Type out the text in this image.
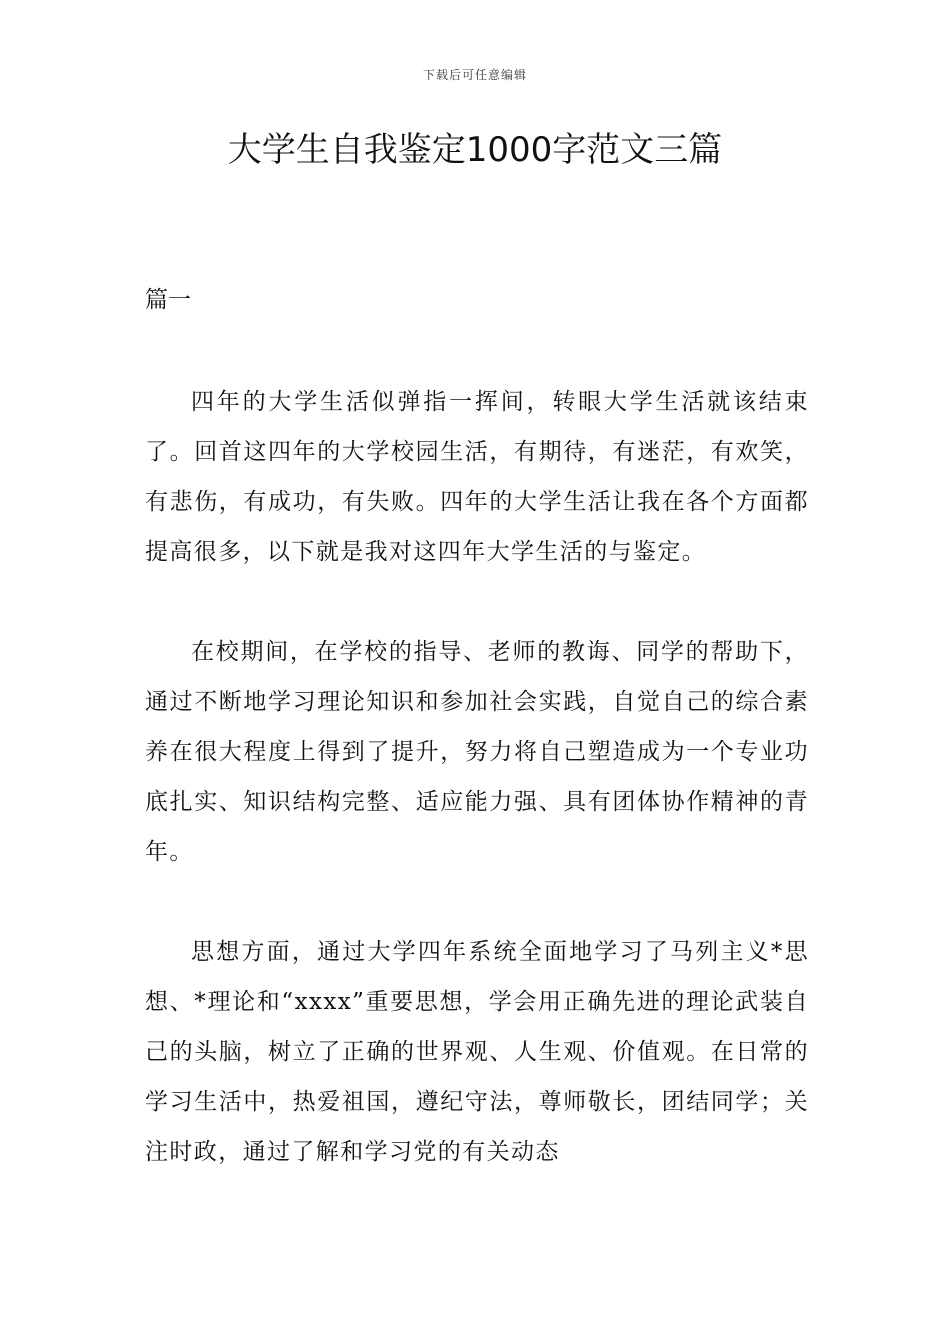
下载后可任意编辑
大学生自我鉴定1000字范文三篇

篇一

四年的大学生活似弹指一挥间，转眼大学生活就该结束了。回首这四年的大学校园生活，有期待，有迷茫，有欢笑，有悲伤，有成功，有失败。四年的大学生活让我在各个方面都提高很多，以下就是我对这四年大学生活的与鉴定。

在校期间，在学校的指导、老师的教诲、同学的帮助下，通过不断地学习理论知识和参加社会实践，自觉自己的综合素养在很大程度上得到了提升，努力将自己塑造成为一个专业功底扎实、知识结构完整、适应能力强、具有团体协作精神的青年。

思想方面，通过大学四年系统全面地学习了马列主义*思想、*理论和“xxxx”重要思想，学会用正确先进的理论武装自己的头脑，树立了正确的世界观、人生观、价值观。在日常的学习生活中，热爱祖国，遵纪守法，尊师敬长，团结同学；关注时政，通过了解和学习党的有关动态
